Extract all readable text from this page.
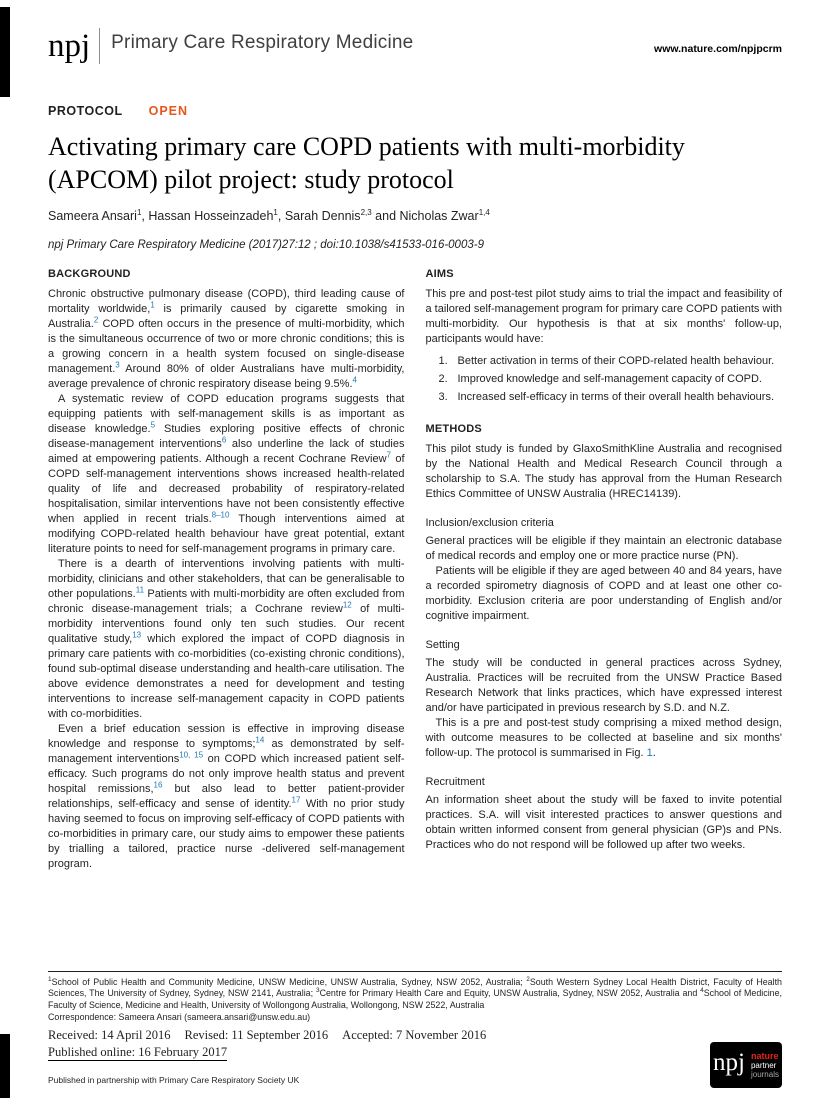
npj	Primary Care Respiratory Medicine	www.nature.com/npjpcrm
PROTOCOL OPEN
Activating primary care COPD patients with multi-morbidity (APCOM) pilot project: study protocol

Sameera Ansari$^1$, Hassan Hosseinzadeh$^1$, Sarah Dennis$^{2,3}$ and Nicholas Zwar$^{1,4}$

npj Primary Care Respiratory Medicine (2017)27:12 ; doi:10.1038/s41533-016-0003-9

BACKGROUND

Chronic obstructive pulmonary disease (COPD), third leading cause of mortality worldwide,$^1$ is primarily caused by cigarette smoking in Australia.$^2$ COPD often occurs in the presence of multi-morbidity, which is the simultaneous occurrence of two or more chronic conditions; this is a growing concern in a health system focused on single-disease management.$^3$ Around 80% of older Australians have multi-morbidity, average prevalence of chronic respiratory disease being 9.5%.$^4$

A systematic review of COPD education programs suggests that equipping patients with self-management skills is as important as disease knowledge.$^5$ Studies exploring positive effects of chronic disease-management interventions$^6$ also underline the lack of studies aimed at empowering patients. Although a recent Cochrane Review$^7$ of COPD self-management interventions shows increased health-related quality of life and decreased probability of respiratory-related hospitalisation, similar interventions have not been consistently effective when applied in recent trials.$^{8-10}$ Though interventions aimed at modifying COPD-related health behaviour have great potential, extant literature points to need for self-management programs in primary care.

There is a dearth of interventions involving patients with multi-morbidity, clinicians and other stakeholders, that can be generalisable to other populations.$^{11}$ Patients with multi-morbidity are often excluded from chronic disease-management trials; a Cochrane review$^{12}$ of multi-morbidity interventions found only ten such studies. Our recent qualitative study,$^{13}$ which explored the impact of COPD diagnosis in primary care patients with co-morbidities (co-existing chronic conditions), found sub-optimal disease understanding and health-care utilisation. The above evidence demonstrates a need for development and testing interventions to increase self-management capacity in COPD patients with co-morbidities.

Even a brief education session is effective in improving disease knowledge and response to symptoms;$^{14}$ as demonstrated by self-management interventions$^{10, 15}$ on COPD which increased patient self-efficacy. Such programs do not only improve health status and prevent hospital remissions,$^{16}$ but also lead to better patient-provider relationships, self-efficacy and sense of identity.$^{17}$ With no prior study having seemed to focus on improving self-efficacy of COPD patients with co-morbidities in primary care, our study aims to empower these patients by trialling a tailored, practice nurse -delivered self-management program.

AIMS

This pre and post-test pilot study aims to trial the impact and feasibility of a tailored self-management program for primary care COPD patients with multi-morbidity. Our hypothesis is that at six months' follow-up, participants would have:

1. Better activation in terms of their COPD-related health behaviour.
2. Improved knowledge and self-management capacity of COPD.
3. Increased self-efficacy in terms of their overall health behaviours.
METHODS

This pilot study is funded by GlaxoSmithKline Australia and recognised by the National Health and Medical Research Council through a scholarship to S.A. The study has approval from the Human Research Ethics Committee of UNSW Australia (HREC14139).

Inclusion/exclusion criteria

General practices will be eligible if they maintain an electronic database of medical records and employ one or more practice nurse (PN).

Patients will be eligible if they are aged between 40 and 84 years, have a recorded spirometry diagnosis of COPD and at least one other co-morbidity. Exclusion criteria are poor understanding of English and/or cognitive impairment.

Setting

The study will be conducted in general practices across Sydney, Australia. Practices will be recruited from the UNSW Practice Based Research Network that links practices, which have expressed interest and/or have participated in previous research by S.D. and N.Z.

This is a pre and post-test study comprising a mixed method design, with outcome measures to be collected at baseline and six months' follow-up. The protocol is summarised in Fig. 1.

Recruitment

An information sheet about the study will be faxed to invite potential practices. S.A. will visit interested practices to answer questions and obtain written informed consent from general physician (GP)s and PNs. Practices who do not respond will be followed up after two weeks.

$^1$School of Public Health and Community Medicine, UNSW Medicine, UNSW Australia, Sydney, NSW 2052, Australia; $^2$South Western Sydney Local Health District, Faculty of Health Sciences, The University of Sydney, Sydney, NSW 2141, Australia; $^3$Centre for Primary Health Care and Equity, UNSW Australia, Sydney, NSW 2052, Australia and $^4$School of Medicine, Faculty of Science, Medicine and Health, University of Wollongong Australia, Wollongong, NSW 2522, Australia

Correspondence: Sameera Ansari (sameera.ansari@unsw.edu.au)

Received: 14 April 2016 Revised: 11 September 2016 Accepted: 7 November 2016
Published online: 16 February 2017
Published in partnership with Primary Care Respiratory Society UK
npj nature
partner
journals
